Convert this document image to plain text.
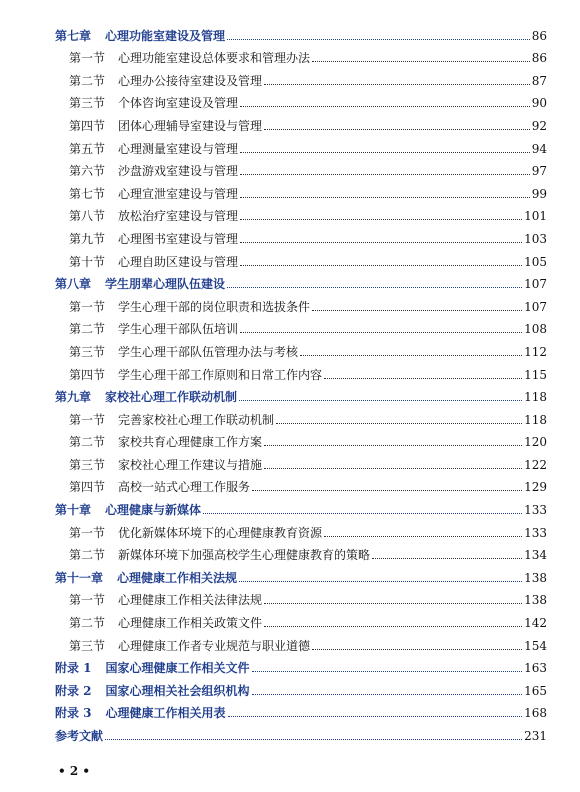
第七章 心理功能室建设及管理	86
第一节 心理功能室建设总体要求和管理办法	86
第二节 心理办公接待室建设及管理	87
第三节 个体咨询室建设及管理	90
第四节 团体心理辅导室建设与管理	92
第五节 心理测量室建设与管理	94
第六节 沙盘游戏室建设与管理	97
第七节 心理宣泄室建设与管理	99
第八节 放松治疗室建设与管理	101
第九节 心理图书室建设与管理	103
第十节 心理自助区建设与管理	105
第八章 学生朋辈心理队伍建设	107
第一节 学生心理干部的岗位职责和选拔条件	107
第二节 学生心理干部队伍培训	108
第三节 学生心理干部队伍管理办法与考核	112
第四节 学生心理干部工作原则和日常工作内容	115
第九章 家校社心理工作联动机制	118
第一节 完善家校社心理工作联动机制	118
第二节 家校共育心理健康工作方案	120
第三节 家校社心理工作建议与措施	122
第四节 高校一站式心理工作服务	129
第十章 心理健康与新媒体	133
第一节 优化新媒体环境下的心理健康教育资源	133
第二节 新媒体环境下加强高校学生心理健康教育的策略	134
第十一章 心理健康工作相关法规	138
第一节 心理健康工作相关法律法规	138
第二节 心理健康工作相关政策文件	142
第三节 心理健康工作者专业规范与职业道德	154
附录 1 国家心理健康工作相关文件	163
附录 2 国家心理相关社会组织机构	165
附录 3 心理健康工作相关用表	168
参考文献	231
• 2 •
